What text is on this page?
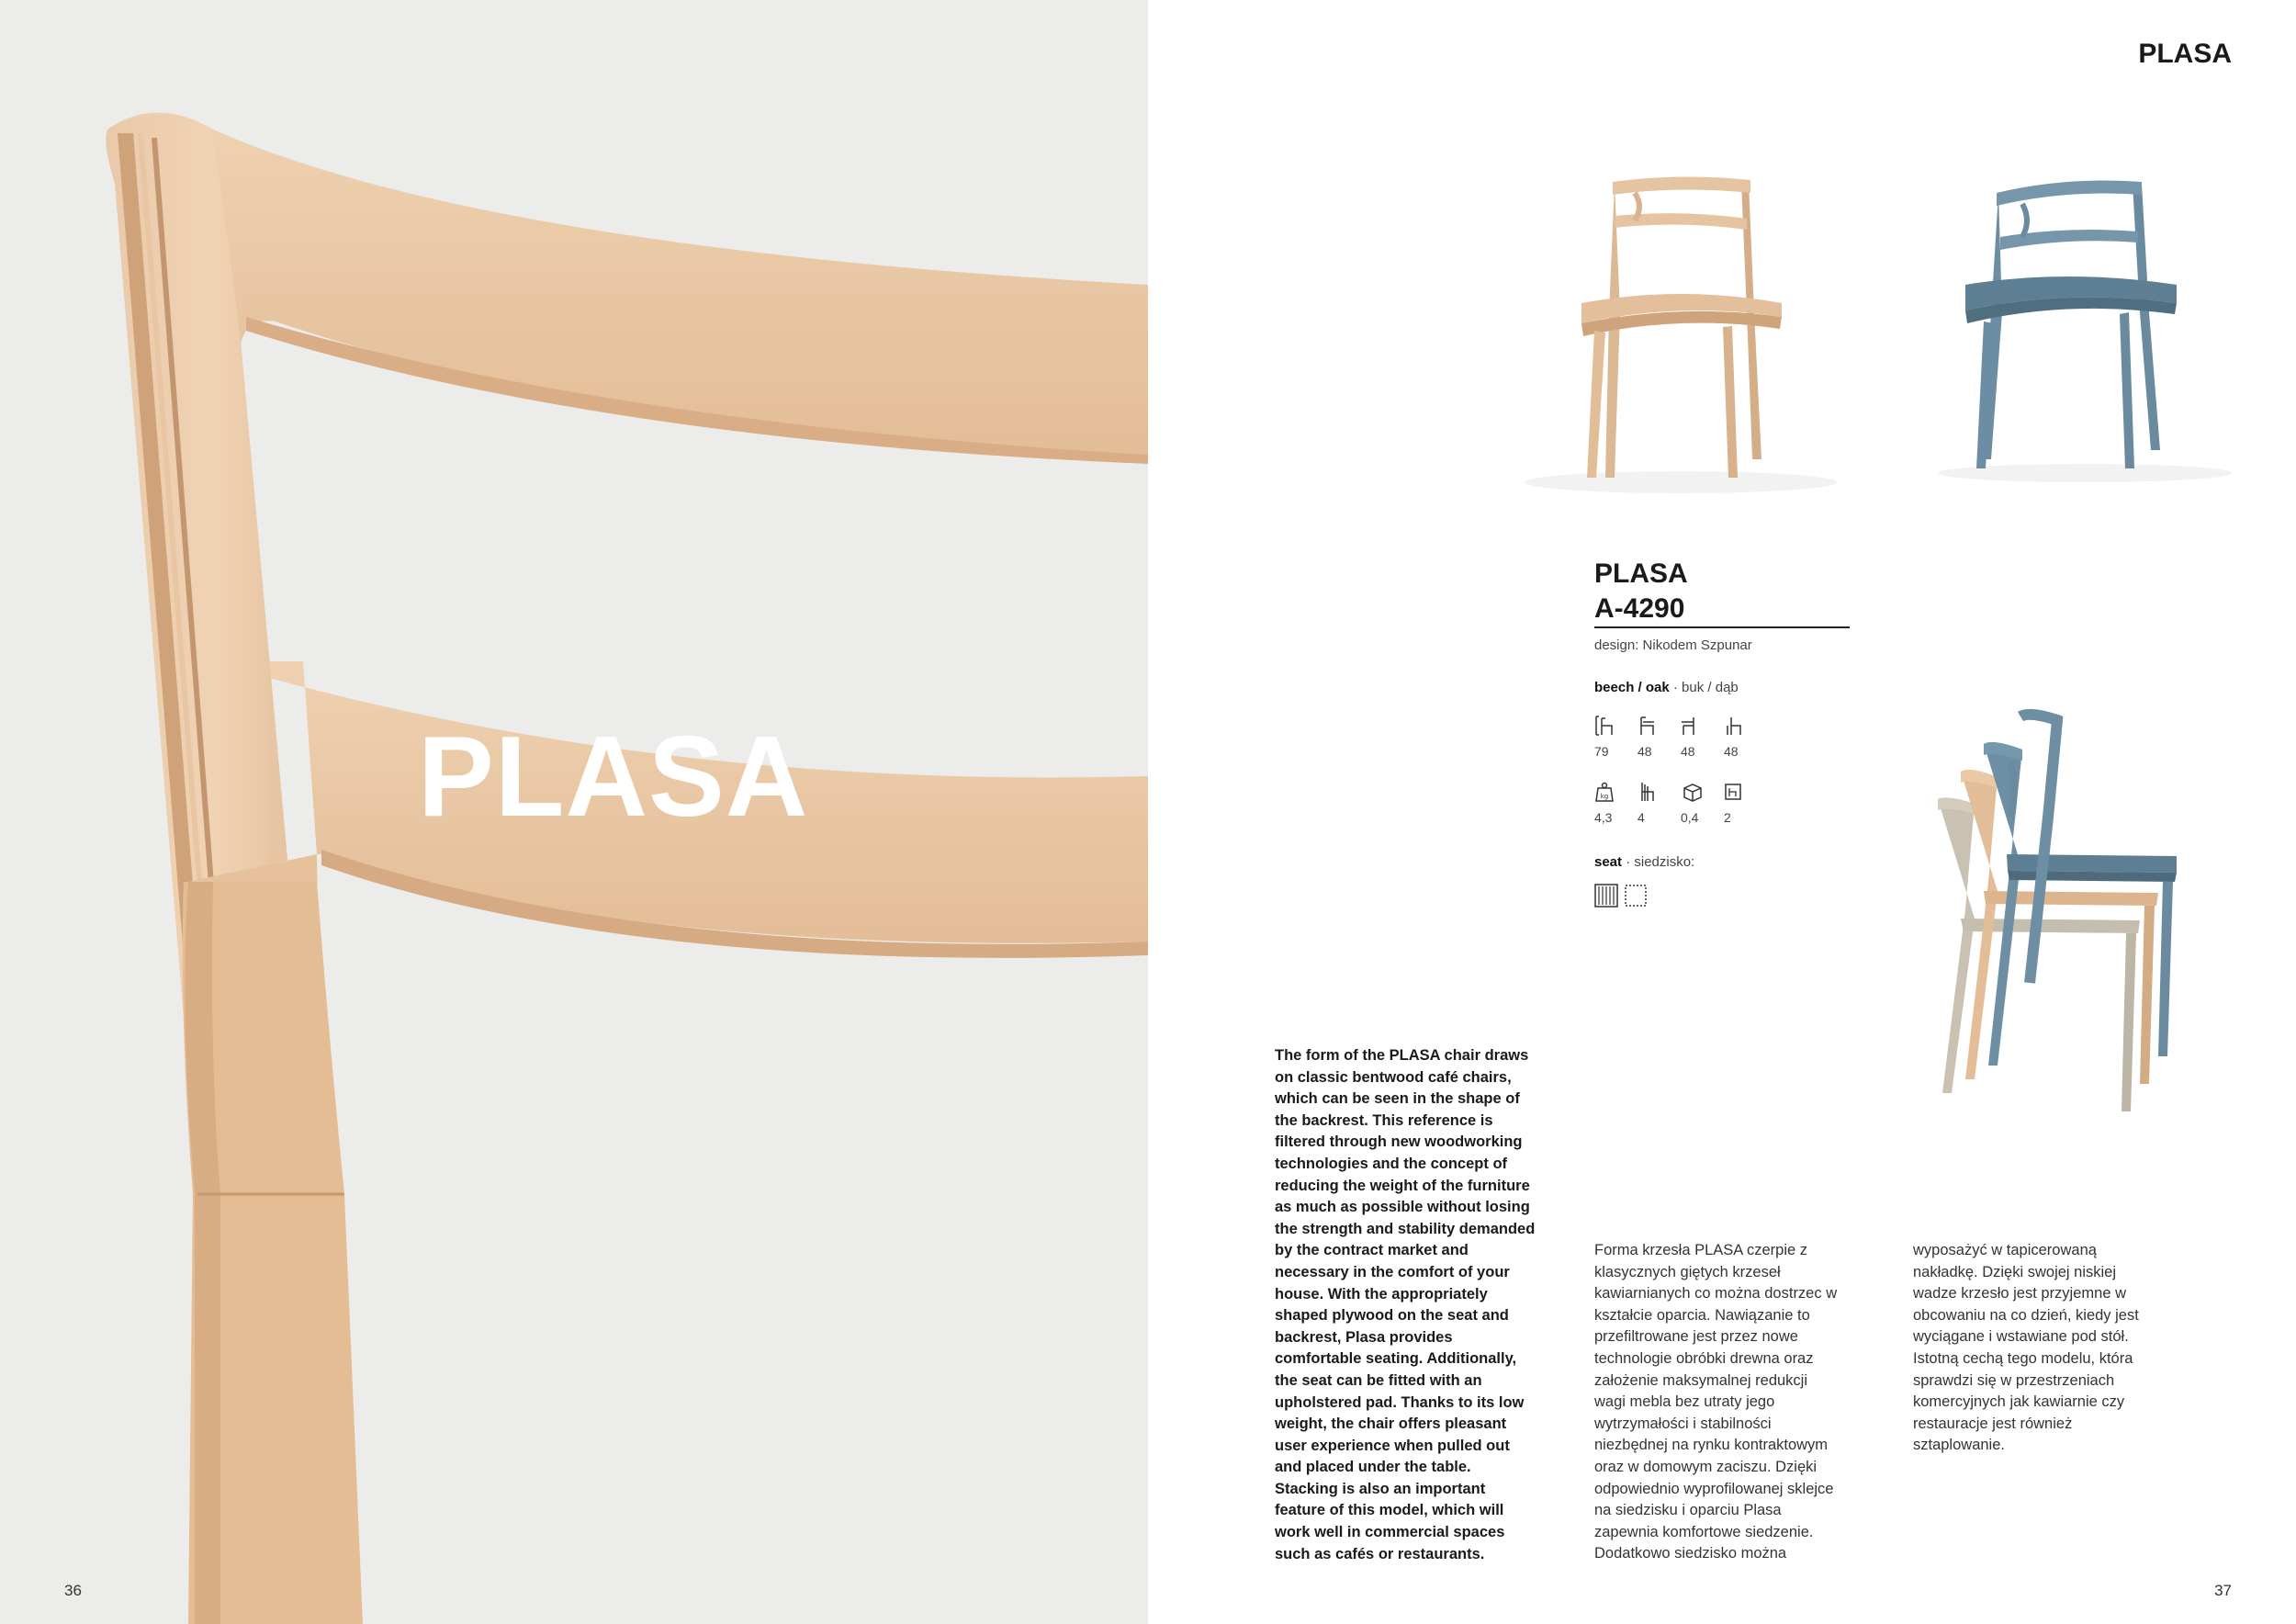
PLASA
36	37
PLASA
PLASA
A-4290
design: Nikodem Szpunar
beech / oak · buk / dąb
79 48 48 48
kg
4,3 4	0,4 2
seat · siedzisko:
The form of the PLASA chair draws on classic bentwood café chairs, which can be seen in the shape of the backrest. This reference is filtered through new woodworking technologies and the concept of reducing the weight of the furniture as much as possible without losing the strength and stability demanded by the contract market and necessary in the comfort of your house. With the appropriately shaped plywood on the seat and backrest, Plasa provides comfortable seating. Additionally, the seat can be fitted with an upholstered pad. Thanks to its low weight, the chair offers pleasant user experience when pulled out and placed under the table. Stacking is also an important feature of this model, which will work well in commercial spaces such as cafés or restaurants.
Forma krzesła PLASA czerpie z klasycznych giętych krzeseł kawiarnianych co można dostrzec w kształcie oparcia. Nawiązanie to przefiltrowane jest przez nowe technologie obróbki drewna oraz założenie maksymalnej redukcji wagi mebla bez utraty jego wytrzymałości i stabilności niezbędnej na rynku kontraktowym oraz w domowym zaciszu. Dzięki odpowiednio wyprofilowanej sklejce na siedzisku i oparciu Plasa zapewnia komfortowe siedzenie. Dodatkowo siedzisko można
wyposażyć w tapicerowaną nakładkę. Dzięki swojej niskiej wadze krzesło jest przyjemne w obcowaniu na co dzień, kiedy jest wyciągane i wstawiane pod stół. Istotną cechą tego modelu, która sprawdzi się w przestrzeniach komercyjnych jak kawiarnie czy restauracje jest również sztaplowanie.
